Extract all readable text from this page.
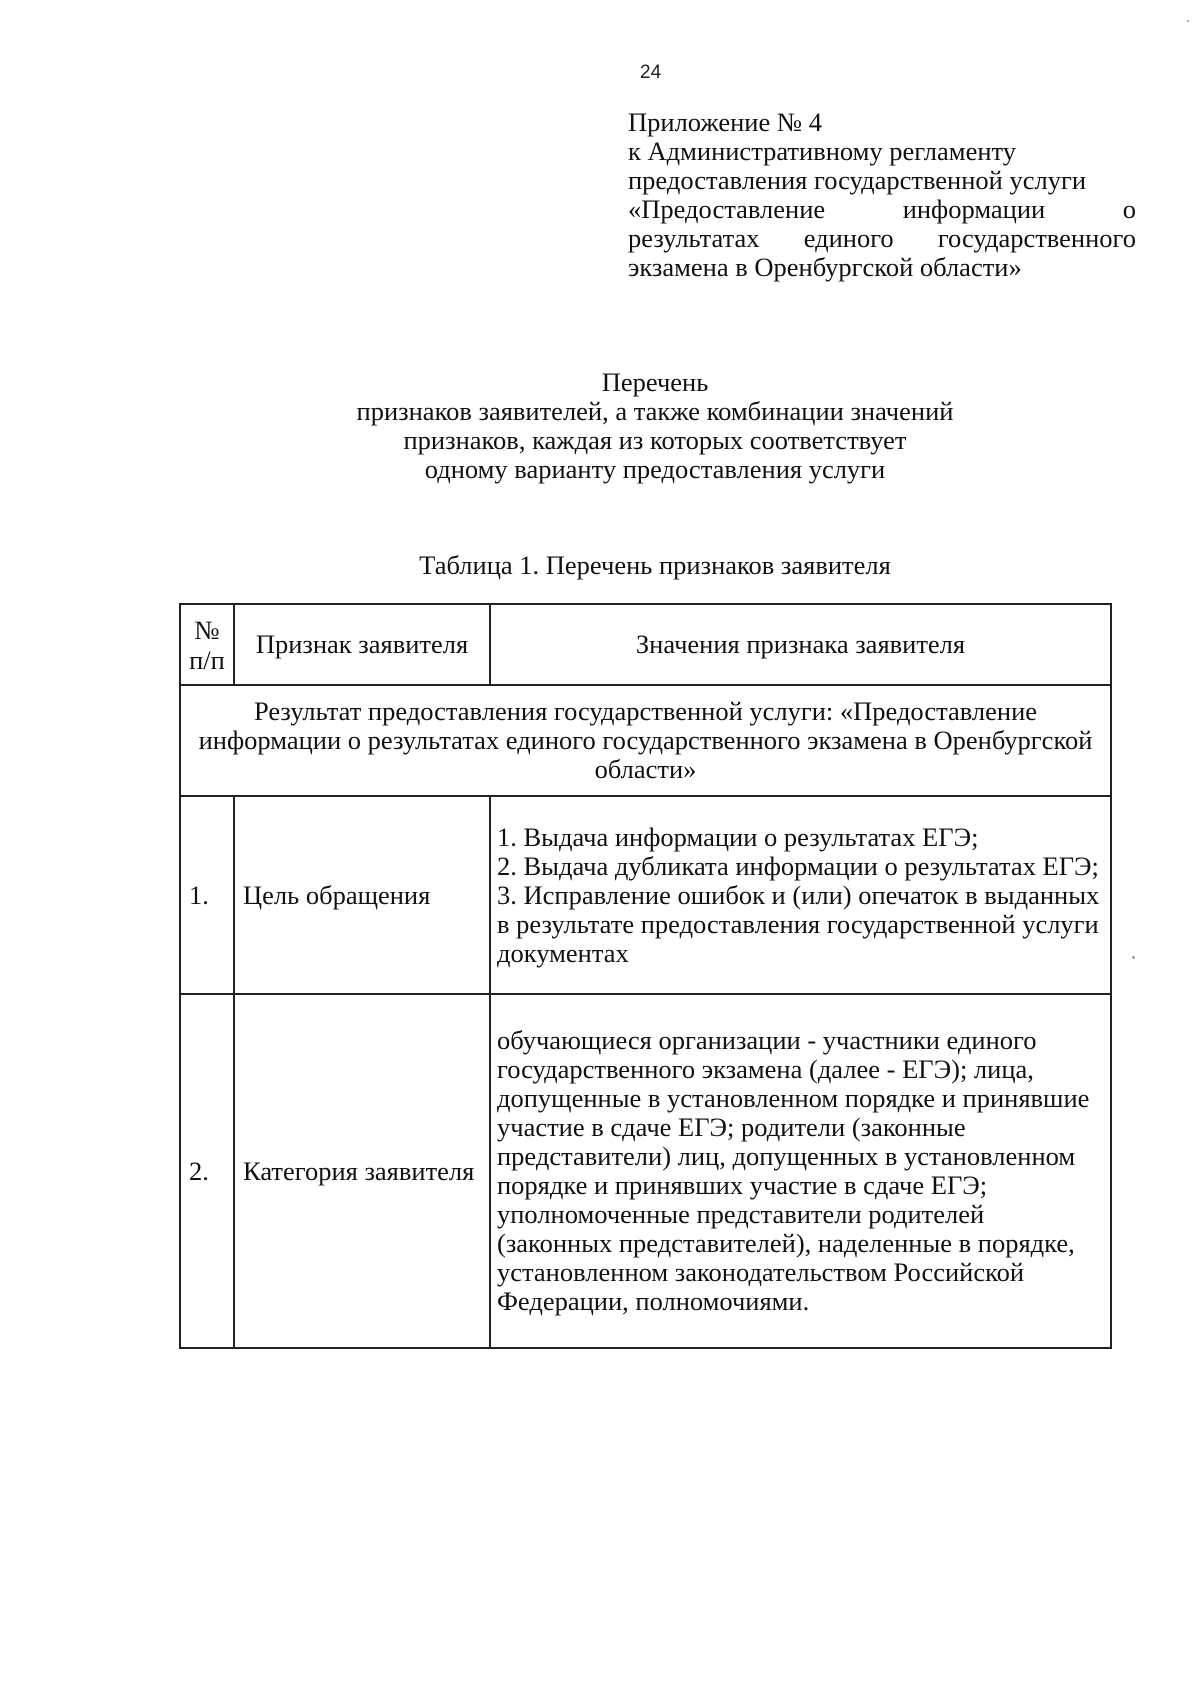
24
Приложение № 4
к Административному регламенту
предоставления государственной услуги
«Предоставление	информации	о
результатах единого государственного
экзамена в Оренбургской области»
Перечень
признаков заявителей, а также комбинации значений
признаков, каждая из которых соответствует
одному варианту предоставления услуги
Таблица 1. Перечень признаков заявителя
№
п/п	Признак заявителя	Значения признака заявителя
Результат предоставления государственной услуги: «Предоставление информации о результатах единого государственного экзамена в Оренбургской области»		
1.	Цель обращения	1. Выдача информации о результатах ЕГЭ;
2. Выдача дубликата информации о результатах ЕГЭ;
3. Исправление ошибок и (или) опечаток в выданных в результате предоставления государственной услуги документах

2.	Категория заявителя	обучающиеся организации - участники единого государственного экзамена (далее - ЕГЭ); лица, допущенные в установленном порядке и принявшие участие в сдаче ЕГЭ; родители (законные представители) лиц, допущенных в установленном порядке и принявших участие в сдаче ЕГЭ; уполномоченные представители родителей (законных представителей), наделенные в порядке, установленном законодательством Российской Федерации, полномочиями.
